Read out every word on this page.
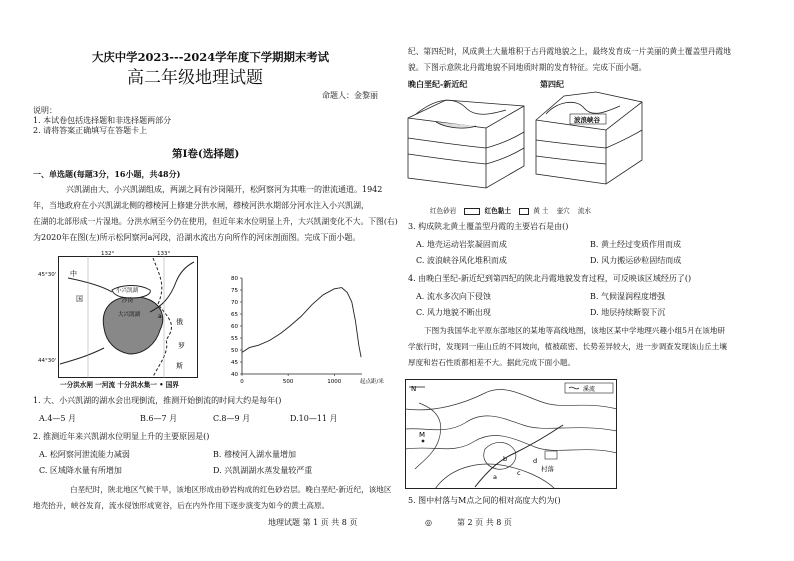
大庆中学2023---2024学年度下学期期末考试
高二年级地理试题
命题人：金黎丽
说明：
1. 本试卷包括选择题和非选择题两部分
2. 请将答案正确填写在答题卡上
第Ⅰ卷(选择题)
一、单选题(每题3分，16小题，共48分)
兴凯湖由大、小兴凯湖组成，两湖之间有沙岗隔开，松阿察河为其唯一的泄流通道。1942
年，当地政府在小兴凯湖北侧的穆棱河上修建分洪水闸，穆棱河洪水期部分河水注入小兴凯湖，
在湖的北部形成一片湿地。分洪水闸至今仍在使用，但近年来水位明显上升，大兴凯湖变化不大。下图(右)
为2020年在图(左)所示松阿察河a河段，沿湖水流出方向所作的河床剖面图。完成下面小题。
中
国
俄
罗
斯
小兴凯湖
沙岗
大兴凯湖	a
132°	133°
45°30'
44°30'
一分洪水闸 一河流 十分洪水集一 • 国界
40
45
50
55
60
65
70
75
80
0	500	1000	起点距/米
1. 大、小兴凯湖的湖水会出现倒流，推测开始倒流的时间大约是每年()
A.4—5 月	B.6—7 月	C.8—9 月	D.10—11 月
2. 推测近年来兴凯湖水位明显上升的主要原因是()
A. 松阿察河泄流能力减弱	B. 穆棱河入湖水量增加
C. 区域降水量有所增加	D. 兴凯湖湖水蒸发量较严重
白垩纪时，陕北地区气候干旱，该地区形成由砂岩构成的红色砂岩层。晚白垩纪-新近纪，该地区
地壳抬升，峡谷发育，流水侵蚀形成宽谷，后在内外作用下逐步演变为如今的黄土高原。
地理试题 第 1 页 共 8 页	◎	第 2 页 共 8 页
纪、第四纪时，风成黄土大量堆积于古丹霞地貌之上，最终发育成一片美丽的黄土覆盖型丹霞地
貌。下图示意陕北丹霞地貌不同地质时期的发育特征。完成下面小题。
晚白垩纪-新近纪	第四纪
波浪峡谷
红色砂岩	红色黏土	黄 土 壶穴 流水
3. 构成陕北黄土覆盖型丹霞的主要岩石是由()
A. 地壳运动岩浆凝固而成	B. 黄土经过变质作用而成
C. 波浪峡谷风化堆积而成	D. 风力搬运砂粒固结而成
4. 由晚白垩纪-新近纪到第四纪的陕北丹霞地貌发育过程，可反映该区域经历了()
A. 流水多次向下侵蚀	B. 气候湿润程度增强
C. 风力地貌不断出现	D. 地层持续断裂下沉
下图为我国华北平原东部地区的某地等高线地图，该地区某中学地理兴趣小组5月在该地研
学旅行时，发现同一座山丘的不同坡向，植被疏密、长势差异较大，进一步调查发现该山丘土壤
厚度和岩石性质都相差不大。据此完成下面小题。
N	溪流
M
a
b
c
d
村落
5. 图中村落与M点之间的相对高度大约为()
